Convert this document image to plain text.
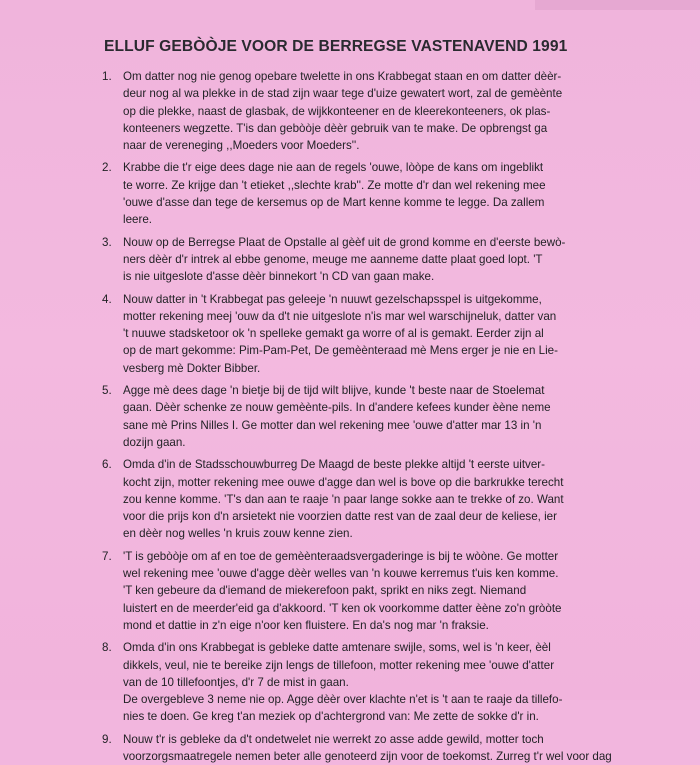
ELLUF GEBÒÒJE VOOR DE BERREGSE VASTENAVEND 1991
1. Om datter nog nie genog opebare twelette in ons Krabbegat staan en om datter dèèr-
deur nog al wa plekke in de stad zijn waar tege d'uize gewatert wort, zal de gemèènte
op die plekke, naast de glasbak, de wijkkonteener en de kleerekonteeners, ok plas-
konteeners wegzette. T'is dan gebòòje dèèr gebruik van te make. De opbrengst ga
naar de vereneging ,,Moeders voor Moeders''.
2. Krabbe die t'r eige dees dage nie aan de regels 'ouwe, lòòpe de kans om ingeblikt
te worre. Ze krijge dan 't etieket ,,slechte krab''. Ze motte d'r dan wel rekening mee
'ouwe d'asse dan tege de kersemus op de Mart kenne komme te legge. Da zallem
leere.
3. Nouw op de Berregse Plaat de Opstalle al gèèf uit de grond komme en d'eerste bewò-
ners dèèr d'r intrek al ebbe genome, meuge me aanneme datte plaat goed lopt. 'T
is nie uitgeslote d'asse dèèr binnekort 'n CD van gaan make.
4. Nouw datter in 't Krabbegat pas geleeje 'n nuuwt gezelschapsspel is uitgekomme,
motter rekening meej 'ouw da d't nie uitgeslote n'is mar wel warschijneluk, datter van
't nuuwe stadsketoor ok 'n spelleke gemakt ga worre of al is gemakt. Eerder zijn al
op de mart gekomme: Pim-Pam-Pet, De gemèènteraad mè Mens erger je nie en Lie-
vesberg mè Dokter Bibber.
5. Agge mè dees dage 'n bietje bij de tijd wilt blijve, kunde 't beste naar de Stoelemat
gaan. Dèèr schenke ze nouw gemèènte-pils. In d'andere kefees kunder èène neme
sane mè Prins Nilles I. Ge motter dan wel rekening mee 'ouwe d'atter mar 13 in 'n
dozijn gaan.
6. Omda d'in de Stadsschouwburreg De Maagd de beste plekke altijd 't eerste uitver-
kocht zijn, motter rekening mee ouwe d'agge dan wel is bove op die barkrukke terecht
zou kenne komme. 'T's dan aan te raaje 'n paar lange sokke aan te trekke of zo. Want
voor die prijs kon d'n arsietekt nie voorzien datte rest van de zaal deur de keliese, ier
en dèèr nog welles 'n kruis zouw kenne zien.
7. 'T is gebòòje om af en toe de gemèènteraadsvergaderinge is bij te wòòne. Ge motter
wel rekening mee 'ouwe d'agge dèèr welles van 'n kouwe kerremus t'uis ken komme.
'T ken gebeure da d'iemand de miekerefoon pakt, sprikt en niks zegt. Niemand
luistert en de meerder'eid ga d'akkoord. 'T ken ok voorkomme datter èène zo'n gròòte
mond et dattie in z'n eige n'oor ken fluistere. En da's nog mar 'n fraksie.
8. Omda d'in ons Krabbegat is gebleke datte amtenare swijle, soms, wel is 'n keer, èèl
dikkels, veul, nie te bereike zijn lengs de tillefoon, motter rekening mee 'ouwe d'atter
van de 10 tillefoontjes, d'r 7 de mist in gaan.
De overgebleve 3 neme nie op. Agge dèèr over klachte n'et is 't aan te raaje da tillefo-
nies te doen. Ge kreg t'an meziek op d'achtergrond van: Me zette de sokke d'r in.
9. Nouw t'r is gebleke da d't ondetwelet nie werrekt zo asse adde gewild, motter toch
voorzorgsmaatregele nemen beter alle genoteerd zijn voor de toekomst. Zurreg t'r wel voor dag
